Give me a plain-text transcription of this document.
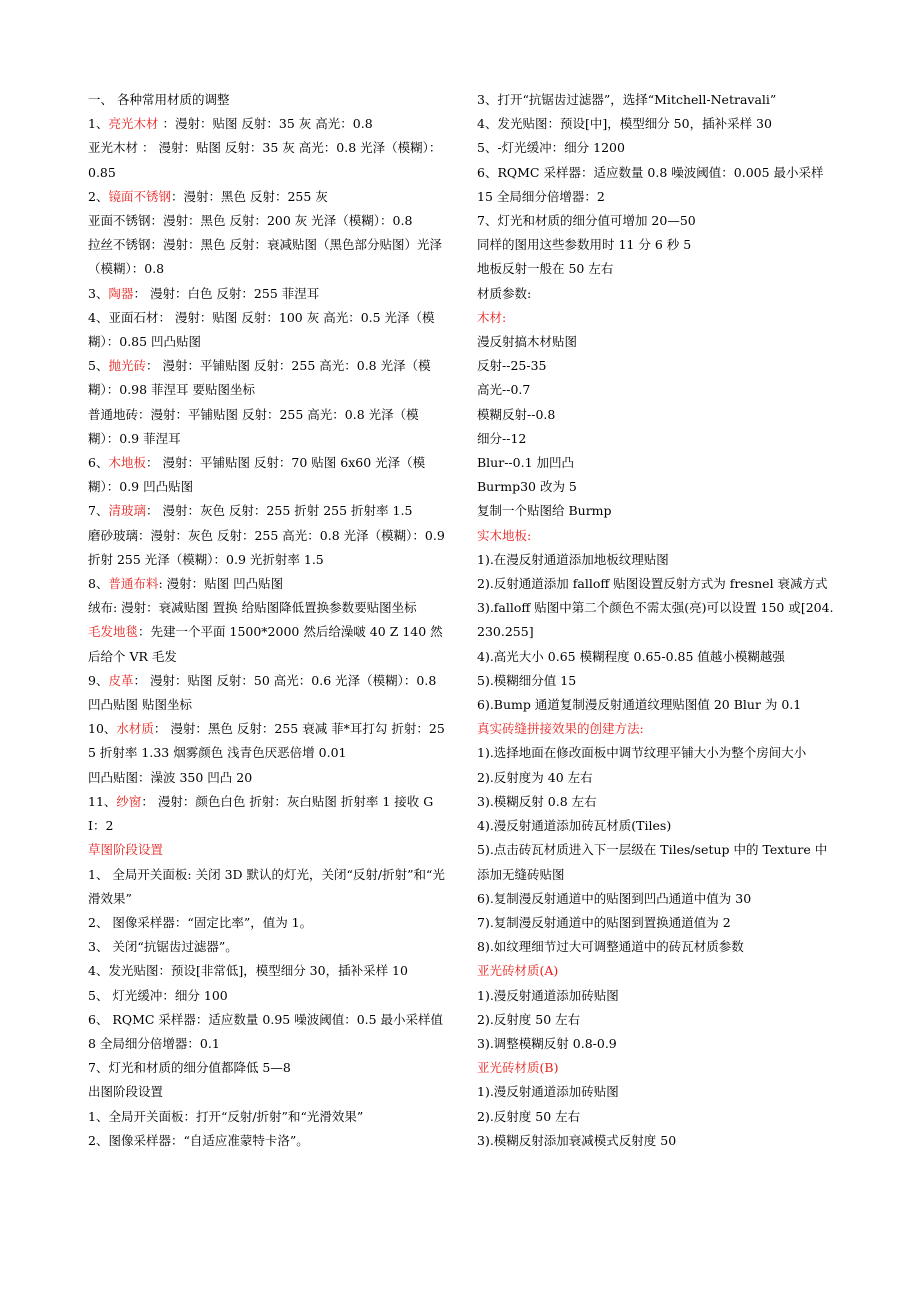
一、 各种常用材质的调整

1、亮光木材 ：漫射：贴图 反射：35 灰 高光：0.8

亚光木材 ： 漫射：贴图 反射：35 灰 高光：0.8 光泽（模糊）：0.85

2、镜面不锈钢：漫射：黑色 反射：255 灰

亚面不锈钢：漫射：黑色 反射：200 灰 光泽（模糊）：0.8

拉丝不锈钢：漫射：黑色 反射：衰减贴图（黑色部分贴图）光泽（模糊）：0.8

3、陶器： 漫射：白色 反射：255 菲涅耳

4、亚面石材： 漫射：贴图 反射：100 灰 高光：0.5 光泽（模糊）：0.85 凹凸贴图

5、抛光砖： 漫射：平铺贴图 反射：255 高光：0.8 光泽（模糊）：0.98 菲涅耳 要贴图坐标

普通地砖：漫射：平铺贴图 反射：255 高光：0.8 光泽（模糊）：0.9 菲涅耳

6、木地板： 漫射：平铺贴图 反射：70 贴图 6x60 光泽（模糊）：0.9 凹凸贴图

7、清玻璃： 漫射：灰色 反射：255 折射 255 折射率 1.5

磨砂玻璃：漫射：灰色 反射：255 高光：0.8 光泽（模糊）：0.9

折射 255 光泽（模糊）：0.9 光折射率 1.5

8、普通布料: 漫射：贴图 凹凸贴图

绒布: 漫射：衰减贴图 置换 给贴图降低置换参数要贴图坐标

毛发地毯：先建一个平面 1500*2000 然后给澡啵 40 Z 140 然后给个 VR 毛发

9、皮革： 漫射：贴图 反射：50 高光：0.6 光泽（模糊）：0.8 凹凸贴图 贴图坐标

10、水材质： 漫射：黑色 反射：255 衰减 菲*耳打勾 折射：255 折射率 1.33 烟雾颜色 浅青色厌恶倍增 0.01

凹凸贴图：澡波 350 凹凸 20

11、纱窗： 漫射：颜色白色 折射：灰白贴图 折射率 1 接收 GI：2

草图阶段设置

1、 全局开关面板: 关闭 3D 默认的灯光，关闭“反射/折射”和“光滑效果”

2、 图像采样器：“固定比率”，值为 1。

3、 关闭“抗锯齿过滤器”。

4、发光贴图：预设[非常低]，模型细分 30，插补采样 10

5、 灯光缓冲：细分 100

6、 RQMC 采样器：适应数量 0.95 噪波阈值：0.5 最小采样值 8 全局细分倍增器：0.1

7、灯光和材质的细分值都降低 5—8

出图阶段设置

1、全局开关面板：打开“反射/折射”和“光滑效果”

2、图像采样器：“自适应准蒙特卡洛”。

3、打开“抗锯齿过滤器”，选择“Mitchell-Netravali”

4、发光贴图：预设[中]，模型细分 50，插补采样 30

5、-灯光缓冲：细分 1200

6、RQMC 采样器：适应数量 0.8 噪波阈值：0.005 最小采样 15 全局细分倍增器：2

7、灯光和材质的细分值可增加 20—50

同样的图用这些参数用时 11 分 6 秒 5

地板反射一般在 50 左右

材质参数:

木材:

漫反射搞木材贴图

反射--25-35

高光--0.7

模糊反射--0.8

细分--12

Blur--0.1 加凹凸

Burmp30 改为 5

复制一个贴图给 Burmp

实木地板:

1).在漫反射通道添加地板纹理贴图

2).反射通道添加 falloff 贴图设置反射方式为 fresnel 衰减方式

3).falloff 贴图中第二个颜色不需太强(亮)可以设置 150 或[204.230.255]

4).高光大小 0.65 模糊程度 0.65-0.85 值越小模糊越强

5).模糊细分值 15

6).Bump 通道复制漫反射通道纹理贴图值 20 Blur 为 0.1

真实砖缝拼接效果的创建方法:

1).选择地面在修改面板中调节纹理平铺大小为整个房间大小

2).反射度为 40 左右

3).模糊反射 0.8 左右

4).漫反射通道添加砖瓦材质(Tiles)

5).点击砖瓦材质进入下一层级在 Tiles/setup 中的 Texture 中添加无缝砖贴图

6).复制漫反射通道中的贴图到凹凸通道中值为 30

7).复制漫反射通道中的贴图到置换通道值为 2

8).如纹理细节过大可调整通道中的砖瓦材质参数

亚光砖材质(A)

1).漫反射通道添加砖贴图

2).反射度 50 左右

3).调整模糊反射 0.8-0.9

亚光砖材质(B)

1).漫反射通道添加砖贴图

2).反射度 50 左右

3).模糊反射添加衰减模式反射度 50
